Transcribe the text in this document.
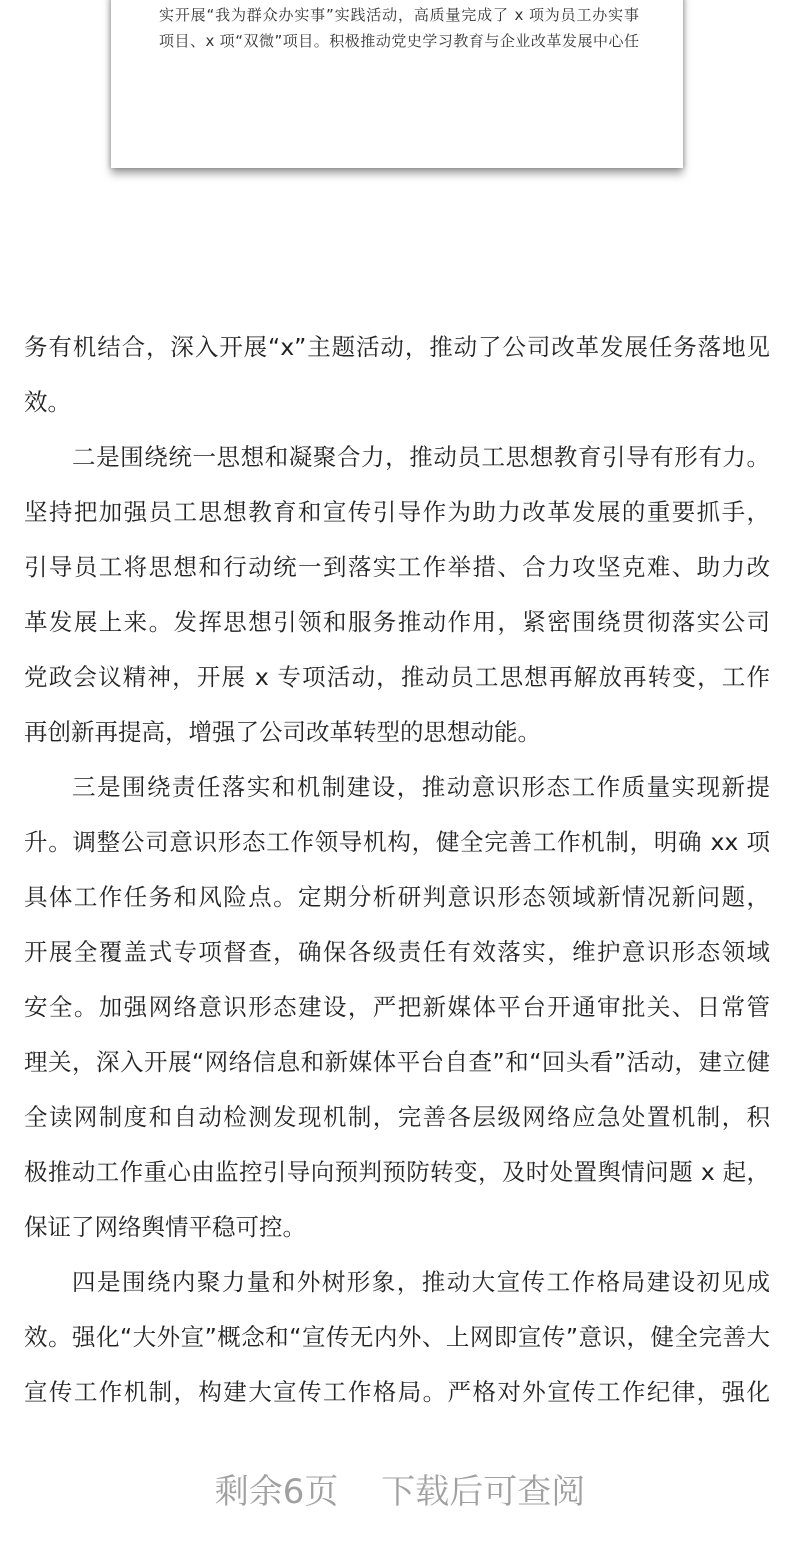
实开展“我为群众办实事”实践活动，高质量完成了 x 项为员工办实事
项目、x 项“双微”项目。积极推动党史学习教育与企业改革发展中心任
务有机结合，深入开展“x”主题活动，推动了公司改革发展任务落地见
效。
二是围绕统一思想和凝聚合力，推动员工思想教育引导有形有力。
坚持把加强员工思想教育和宣传引导作为助力改革发展的重要抓手，
引导员工将思想和行动统一到落实工作举措、合力攻坚克难、助力改
革发展上来。发挥思想引领和服务推动作用，紧密围绕贯彻落实公司
党政会议精神，开展 x 专项活动，推动员工思想再解放再转变，工作
再创新再提高，增强了公司改革转型的思想动能。
三是围绕责任落实和机制建设，推动意识形态工作质量实现新提
升。调整公司意识形态工作领导机构，健全完善工作机制，明确 xx 项
具体工作任务和风险点。定期分析研判意识形态领域新情况新问题，
开展全覆盖式专项督查，确保各级责任有效落实，维护意识形态领域
安全。加强网络意识形态建设，严把新媒体平台开通审批关、日常管
理关，深入开展“网络信息和新媒体平台自查”和“回头看”活动，建立健
全读网制度和自动检测发现机制，完善各层级网络应急处置机制，积
极推动工作重心由监控引导向预判预防转变，及时处置舆情问题 x 起，
保证了网络舆情平稳可控。
四是围绕内聚力量和外树形象，推动大宣传工作格局建设初见成
效。强化“大外宣”概念和“宣传无内外、上网即宣传”意识，健全完善大
宣传工作机制，构建大宣传工作格局。严格对外宣传工作纪律，强化
剩余6页 下载后可查阅
